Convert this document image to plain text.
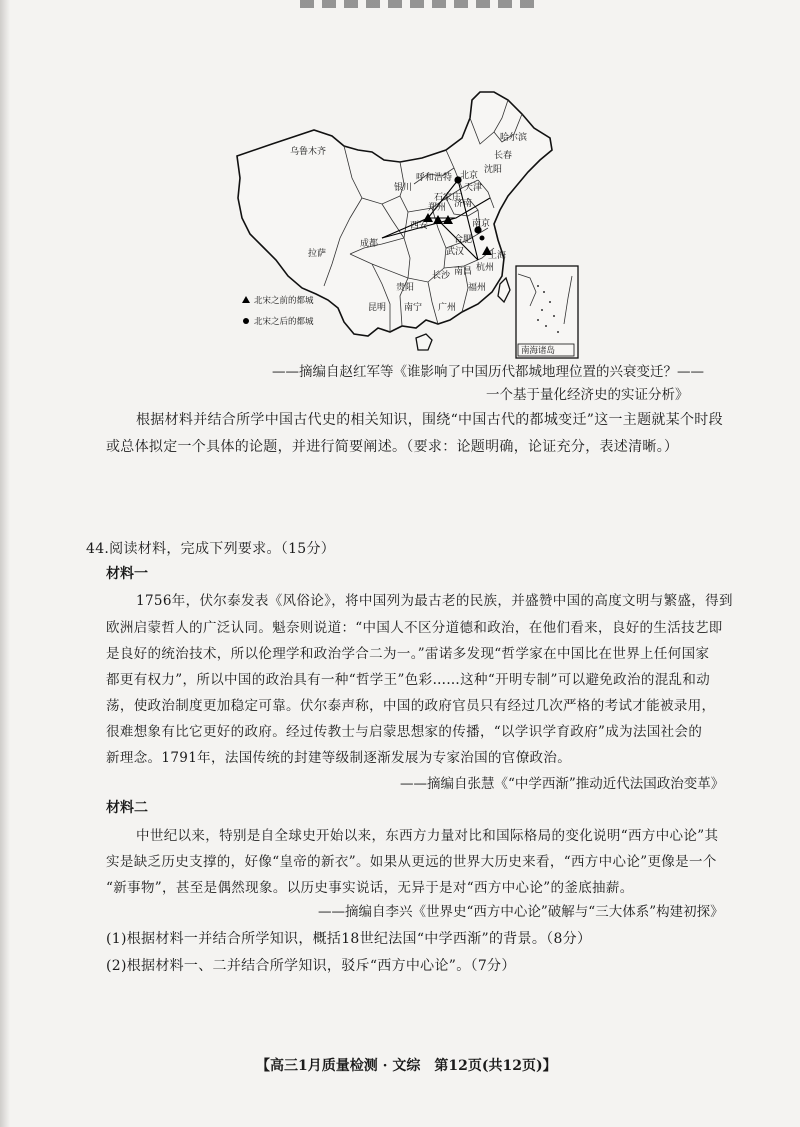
乌鲁木齐
哈尔滨
长春
沈阳
呼和浩特 北京
天津
银川
石家庄
济南
郑州
西安	南京
合肥
上海
成都
拉萨	武汉
杭州
长沙 南昌
贵阳	福州
昆明 南宁 广州
北宋之前的都城
北宋之后的都城
南海诸岛
——摘编自赵红军等《谁影响了中国历代都城地理位置的兴衰变迁？——
一个基于量化经济史的实证分析》
根据材料并结合所学中国古代史的相关知识，围绕“中国古代的都城变迁”这一主题就某个时段
或总体拟定一个具体的论题，并进行简要阐述。（要求：论题明确，论证充分，表述清晰。）
44.阅读材料，完成下列要求。（15分）
材料一
1756年，伏尔泰发表《风俗论》，将中国列为最古老的民族，并盛赞中国的高度文明与繁盛，得到
欧洲启蒙哲人的广泛认同。魁奈则说道：“中国人不区分道德和政治，在他们看来，良好的生活技艺即
是良好的统治技术，所以伦理学和政治学合二为一。”雷诺多发现“哲学家在中国比在世界上任何国家
都更有权力”，所以中国的政治具有一种“哲学王”色彩……这种“开明专制”可以避免政治的混乱和动
荡，使政治制度更加稳定可靠。伏尔泰声称，中国的政府官员只有经过几次严格的考试才能被录用，
很难想象有比它更好的政府。经过传教士与启蒙思想家的传播，“以学识学育政府”成为法国社会的
新理念。1791年，法国传统的封建等级制逐渐发展为专家治国的官僚政治。
——摘编自张慧《“中学西渐”推动近代法国政治变革》
材料二
中世纪以来，特别是自全球史开始以来，东西方力量对比和国际格局的变化说明“西方中心论”其
实是缺乏历史支撑的，好像“皇帝的新衣”。如果从更远的世界大历史来看，“西方中心论”更像是一个
“新事物”，甚至是偶然现象。以历史事实说话，无异于是对“西方中心论”的釜底抽薪。
——摘编自李兴《世界史“西方中心论”破解与“三大体系”构建初探》
(1)根据材料一并结合所学知识，概括18世纪法国“中学西渐”的背景。（8分）
(2)根据材料一、二并结合所学知识，驳斥“西方中心论”。（7分）
【高三1月质量检测 · 文综　第12页(共12页)】
